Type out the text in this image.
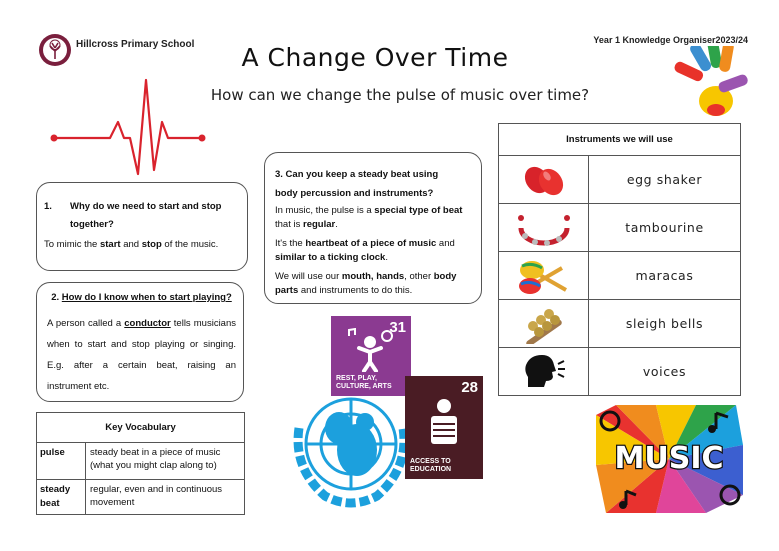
Hillcross Primary School	Year 1 Knowledge Organiser2023/24
A Change Over Time
How can we change the pulse of music over time?
1.	Why do we need to start and stop together?
To mimic the start and stop of the music.
2. How do I know when to start playing?
A person called a conductor tells musicians when to start and stop playing or singing. E.g. after a certain beat, raising an instrument etc.
3. Can you keep a steady beat using
body percussion and instruments?
In music, the pulse is a special type of beat that is regular.
It's the heartbeat of a piece of music and similar to a ticking clock.
We will use our mouth, hands, other body parts and instruments to do this.
Key Vocabulary	
pulse	steady beat in a piece of music (what you might clap along to)
steady beat	regular, even and in continuous movement
Instruments we will use	
	egg shaker
	tambourine
	maracas
	sleigh bells
	voices
31
REST, PLAY,
CULTURE, ARTS	28
ACCESS TO
EDUCATION	MUSIC
